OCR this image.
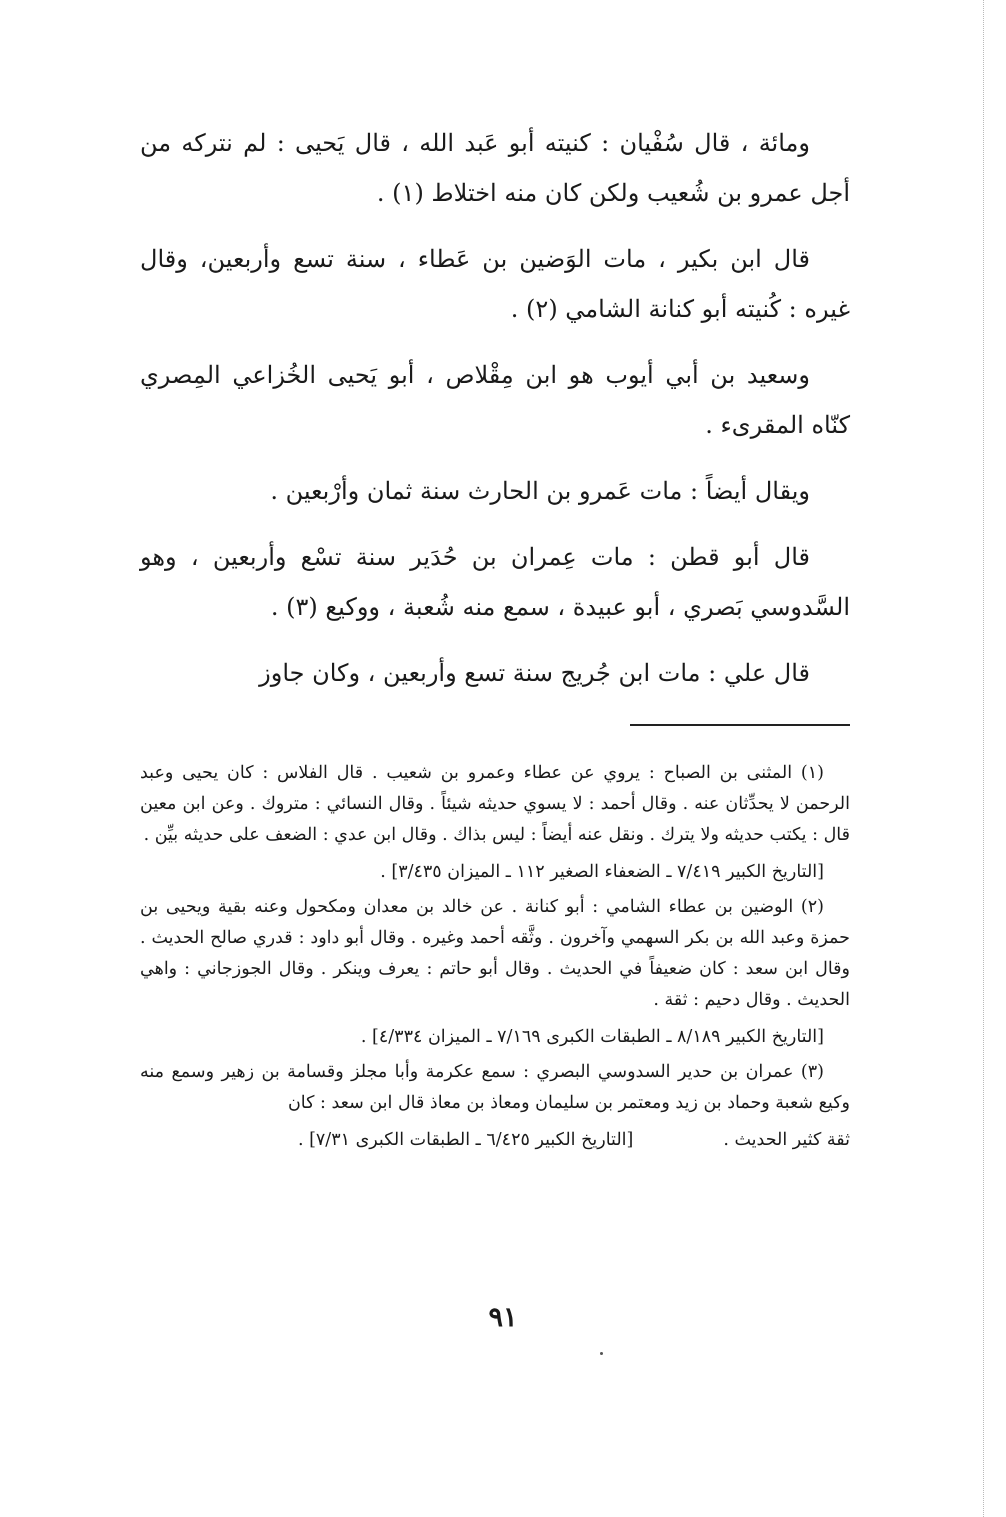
ومائة ، قال سُفْيان : كنيته أبو عَبد الله ، قال يَحيى : لم نتركه من أجل عمرو بن شُعيب ولكن كان منه اختلاط (١) .

قال ابن بكير ، مات الوَضين بن عَطاء ، سنة تسع وأربعين، وقال غيره : كُنيته أبو كنانة الشامي (٢) .

وسعيد بن أبي أيوب هو ابن مِقْلاص ، أبو يَحيى الخُزاعي المِصري كنّاه المقرىء .

ويقال أيضاً : مات عَمرو بن الحارث سنة ثمان وأرْبعين .

قال أبو قطن : مات عِمران بن حُدَير سنة تسْع وأربعين ، وهو السَّدوسي بَصري ، أبو عبيدة ، سمع منه شُعبة ، ووكيع (٣) .

قال علي : مات ابن جُريج سنة تسع وأربعين ، وكان جاوز

(١) المثنى بن الصباح : يروي عن عطاء وعمرو بن شعيب . قال الفلاس : كان يحيى وعبد الرحمن لا يحدِّثان عنه . وقال أحمد : لا يسوي حديثه شيئاً . وقال النسائي : متروك . وعن ابن معين قال : يكتب حديثه ولا يترك . ونقل عنه أيضاً : ليس بذاك . وقال ابن عدي : الضعف على حديثه بيِّن .

[التاريخ الكبير ٧/٤١٩ ـ الضعفاء الصغير ١١٢ ـ الميزان ٣/٤٣٥] .

(٢) الوضين بن عطاء الشامي : أبو كنانة . عن خالد بن معدان ومكحول وعنه بقية ويحيى بن حمزة وعبد الله بن بكر السهمي وآخرون . وثَّقه أحمد وغيره . وقال أبو داود : قدري صالح الحديث . وقال ابن سعد : كان ضعيفاً في الحديث . وقال أبو حاتم : يعرف وينكر . وقال الجوزجاني : واهي الحديث . وقال دحيم : ثقة .

[التاريخ الكبير ٨/١٨٩ ـ الطبقات الكبرى ٧/١٦٩ ـ الميزان ٤/٣٣٤] .

(٣) عمران بن حدير السدوسي البصري : سمع عكرمة وأبا مجلز وقسامة بن زهير وسمع منه وكيع شعبة وحماد بن زيد ومعتمر بن سليمان ومعاذ بن معاذ قال ابن سعد : كان

ثقة كثير الحديث .
[التاريخ الكبير ٦/٤٢٥ ـ الطبقات الكبرى ٧/٣١] .
٩١
